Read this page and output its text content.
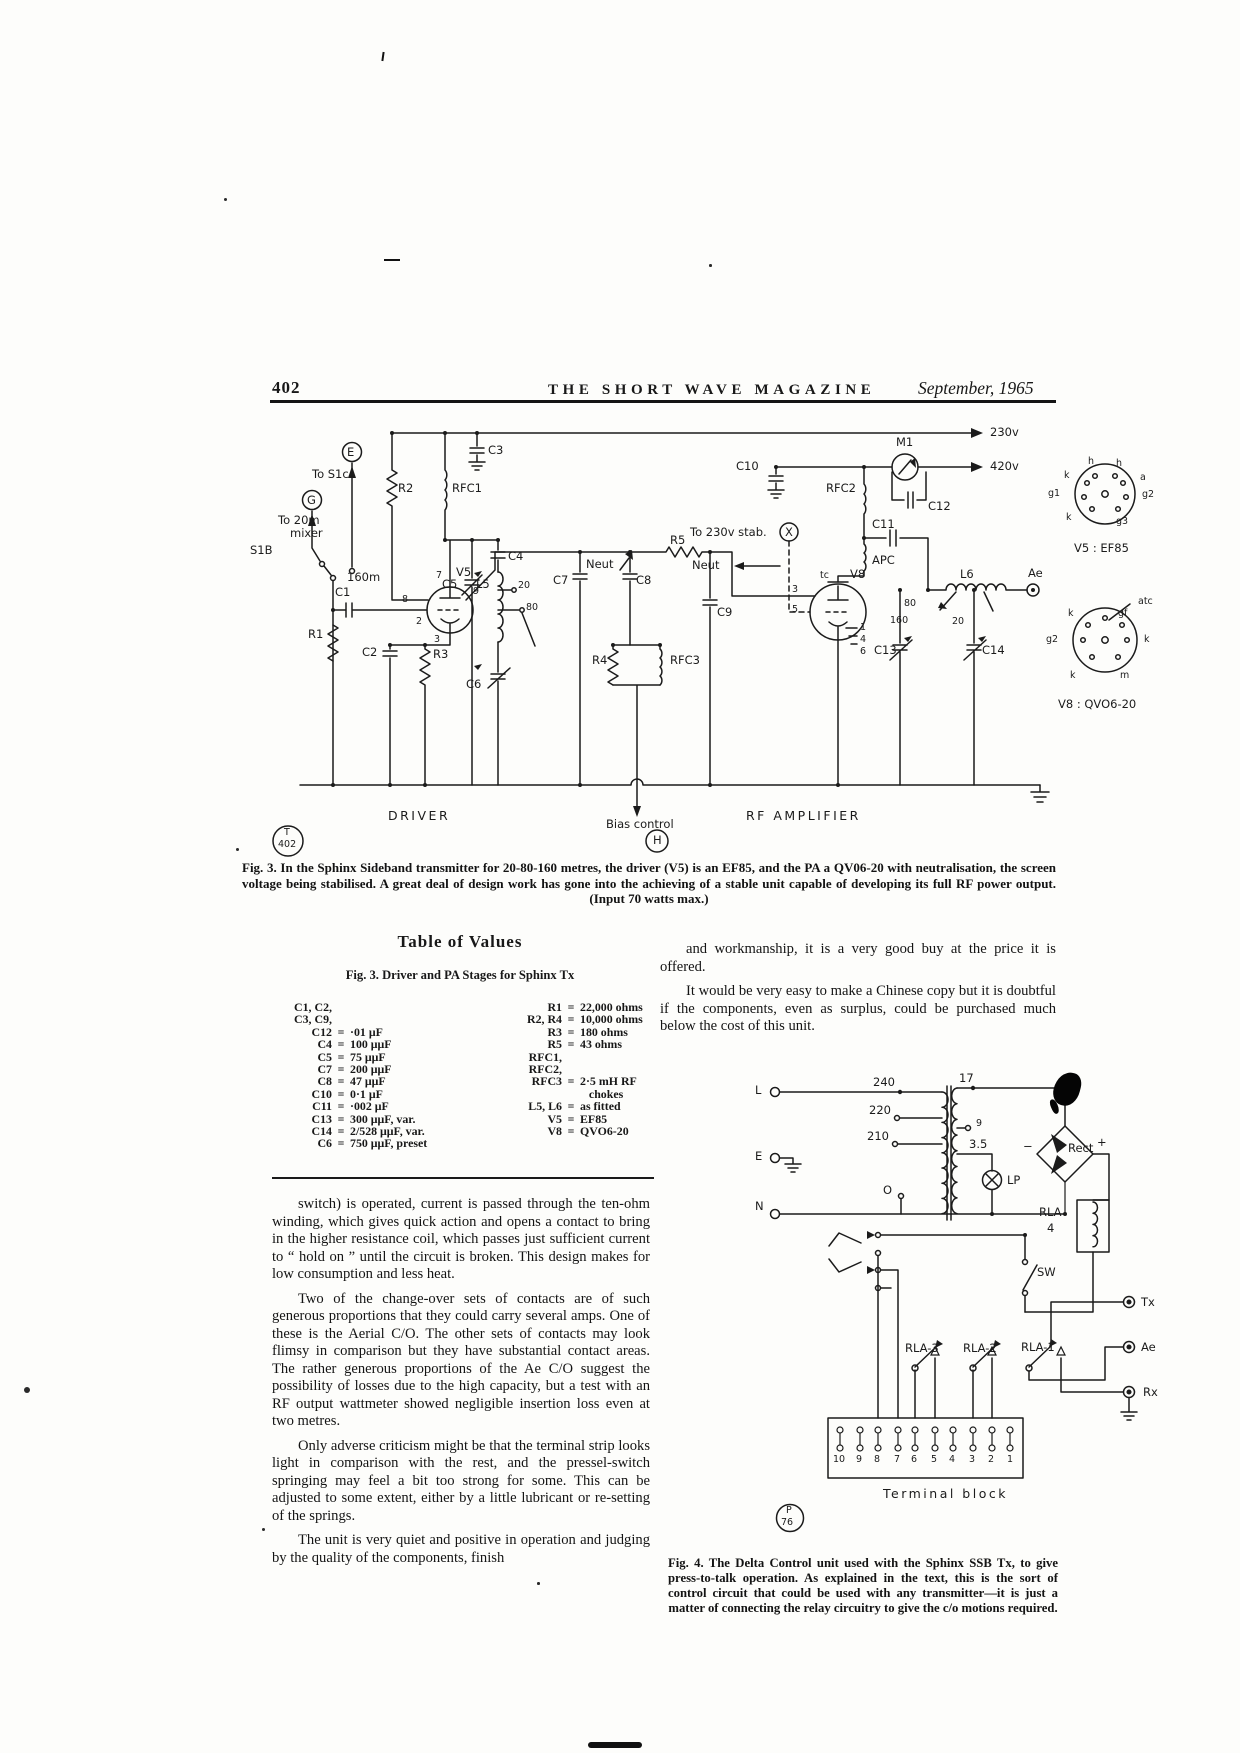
402	THE SHORT WAVE MAGAZINE September, 1965
E
To S1c
G
To 20m
mixer
160m
S1B
R2	RFC1
C3
C4
V5
7
9
8
2
3
Neut
L5	20
80
C5	C7	C8
C6
R1
C1
C2	R3
R5
C9
R4	RFC3
To 230v stab. X
Neut	APC
tc V8
3
5
1
4
6
RFC2
C10
C11
M1
C12
230v
420v
L6
80
160	20
Ae
C13	C14
DRIVER
Bias control
H
RF AMPLIFIER
T
402
h h
k	a
g1	g2
k	g3
V5 : EF85
atc
k	gf
g2	k
k	m
V8 : QVO6-20
Fig. 3. In the Sphinx Sideband transmitter for 20-80-160 metres, the driver (V5) is an EF85, and the PA a QV06-20 with neutralisation, the screen voltage being stabilised. A great deal of design work has gone into the achieving of a stable unit capable of developing its full RF power output. (Input 70 watts max.)
Table of Values
Fig. 3. Driver and PA Stages for Sphinx Tx
C1, C2,
C3, C9,
C12 = ·01 μF
C4 = 100 μμF
C5 = 75 μμF
C7 = 200 μμF
C8 = 47 μμF
C10 = 0·1 μF
C11 = ·002 μF
C13 = 300 μμF, var.
C14 = 2/528 μμF, var.
C6 = 750 μμF, preset
R1 = 22,000 ohms
R2, R4 = 10,000 ohms
R3 = 180 ohms
R5 = 43 ohms
RFC1,
RFC2,
RFC3 = 2·5 mH RF
chokes
L5, L6 = as fitted
V5 = EF85
V8 = QVO6-20

switch) is operated, current is passed through the ten-ohm winding, which gives quick action and opens a contact to bring in the higher resistance coil, which passes just sufficient current to “ hold on ” until the circuit is broken. This design makes for low consumption and less heat.

Two of the change-over sets of contacts are of such generous proportions that they could carry several amps. One of these is the Aerial C/O. The other sets of contacts may look flimsy in comparison but they have substantial contact areas. The rather generous proportions of the Ae C/O suggest the possibility of losses due to the high capacity, but a test with an RF output wattmeter showed negligible insertion loss even at two metres.

Only adverse criticism might be that the terminal strip looks light in comparison with the rest, and the pressel-switch springing may feel a bit too strong for some. This can be adjusted to some extent, either by a little lubricant or re-setting of the springs.

The unit is very quiet and positive in operation and judging by the quality of the components, finish

and workmanship, it is a very good buy at the price it is offered.

It would be very easy to make a Chinese copy but it is doubtful if the components, even as surplus, could be purchased much below the cost of this unit.

L
240
220
210
E
O
N
17
9
3.5
LP
Rect
−	+
RLA
4
SW
RLA-3 RLA-2 RLA-1
10 9 8 7 6 5 4 3 2 1
Terminal block
P
76
Tx
Ae
Rx
Fig. 4. The Delta Control unit used with the Sphinx SSB Tx, to give press-to-talk operation. As explained in the text, this is the sort of control circuit that could be used with any transmitter—it is just a matter of connecting the relay circuitry to give the c/o motions required.
